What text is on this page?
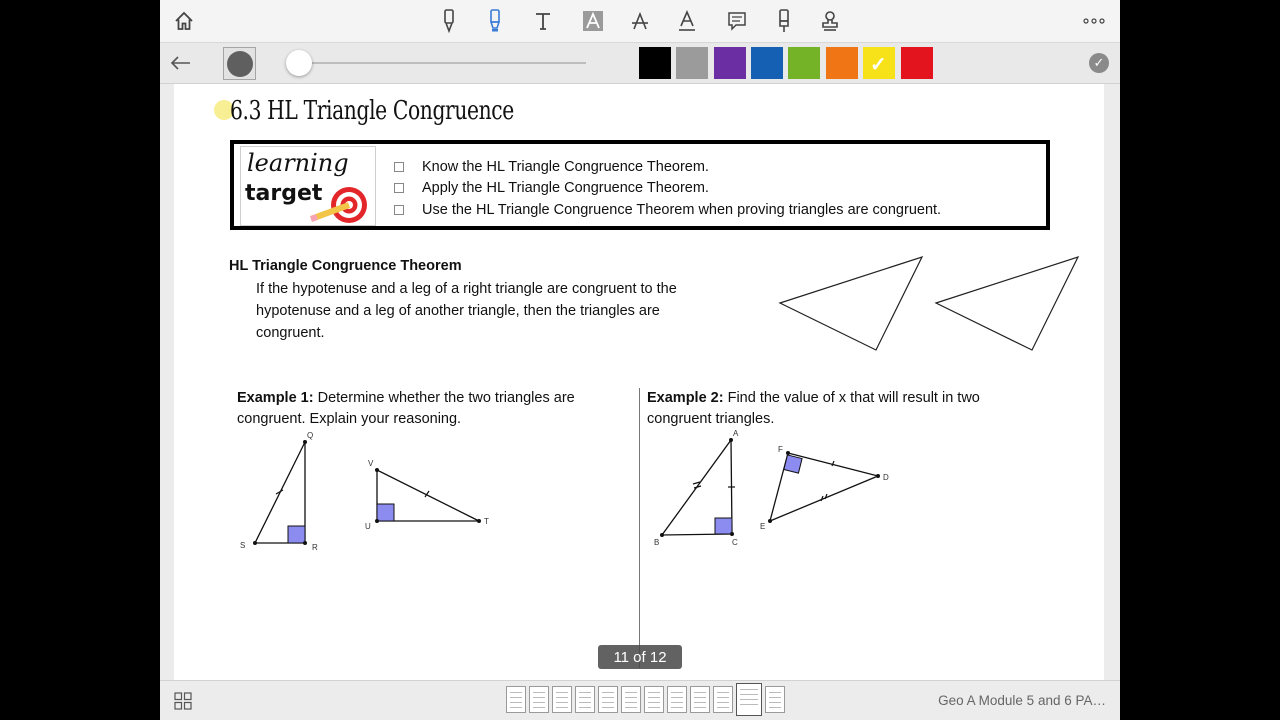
✓	✓
6.3 HL Triangle Congruence
learning
target
Know the HL Triangle Congruence Theorem.
Apply the HL Triangle Congruence Theorem.
Use the HL Triangle Congruence Theorem when proving triangles are congruent.
HL Triangle Congruence Theorem
If the hypotenuse and a leg of a right triangle are congruent to the hypotenuse and a leg of another triangle, then the triangles are congruent.
Example 1: Determine whether the two triangles are congruent. Explain your reasoning.
Example 2: Find the value of x that will result in two congruent triangles.
Q
S	R
V
U
T
A
B	C
F
E
D
11 of 12
Geo A Module 5 and 6 PA…
